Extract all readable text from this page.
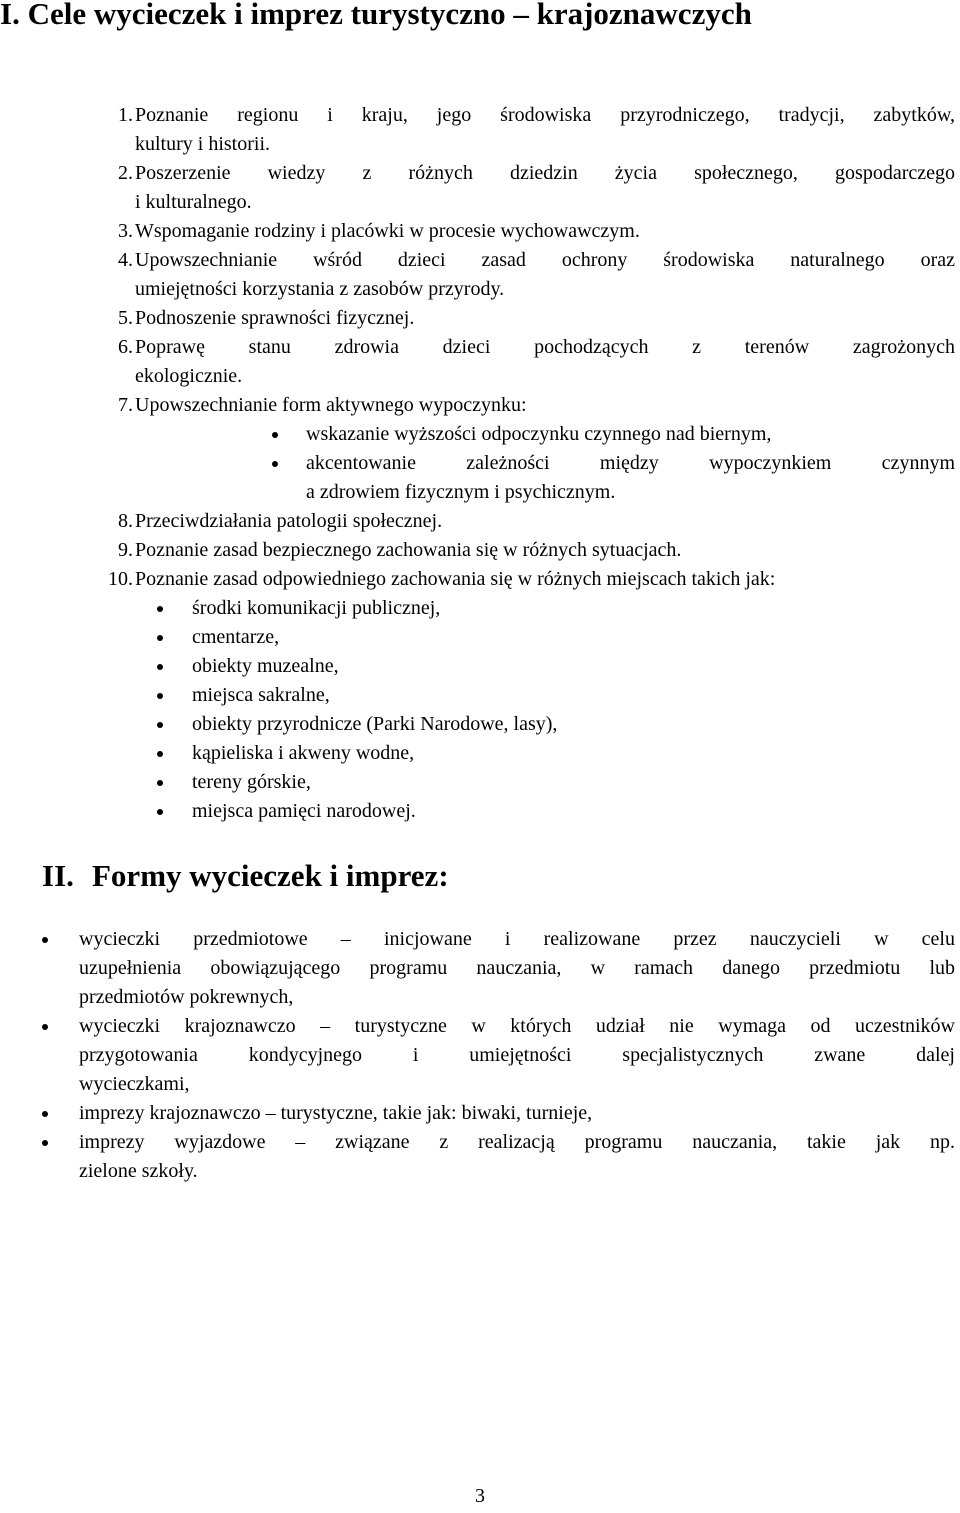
I. Cele wycieczek i imprez turystyczno – krajoznawczych
1. Poznanie regionu i kraju, jego środowiska przyrodniczego, tradycji, zabytków,
kultury i historii.
2. Poszerzenie wiedzy z różnych dziedzin życia społecznego, gospodarczego
i kulturalnego.
3. Wspomaganie rodziny i placówki w procesie wychowawczym.
4. Upowszechnianie wśród dzieci zasad ochrony środowiska naturalnego oraz
umiejętności korzystania z zasobów przyrody.
5. Podnoszenie sprawności fizycznej.
6. Poprawę stanu zdrowia dzieci pochodzących z terenów zagrożonych
ekologicznie.
7. Upowszechnianie form aktywnego wypoczynku:
wskazanie wyższości odpoczynku czynnego nad biernym,
akcentowanie zależności między wypoczynkiem czynnym
a zdrowiem fizycznym i psychicznym.
8. Przeciwdziałania patologii społecznej.
9. Poznanie zasad bezpiecznego zachowania się w różnych sytuacjach.
10. Poznanie zasad odpowiedniego zachowania się w różnych miejscach takich jak:
środki komunikacji publicznej,
cmentarze,
obiekty muzealne,
miejsca sakralne,
obiekty przyrodnicze (Parki Narodowe, lasy),
kąpieliska i akweny wodne,
tereny górskie,
miejsca pamięci narodowej.
II. Formy wycieczek i imprez:
wycieczki przedmiotowe – inicjowane i realizowane przez nauczycieli w celu
uzupełnienia obowiązującego programu nauczania, w ramach danego przedmiotu lub
przedmiotów pokrewnych,
wycieczki krajoznawczo – turystyczne w których udział nie wymaga od uczestników
przygotowania kondycyjnego i umiejętności specjalistycznych zwane dalej
wycieczkami,
imprezy krajoznawczo – turystyczne, takie jak: biwaki, turnieje,
imprezy wyjazdowe – związane z realizacją programu nauczania, takie jak np.
zielone szkoły.
3
